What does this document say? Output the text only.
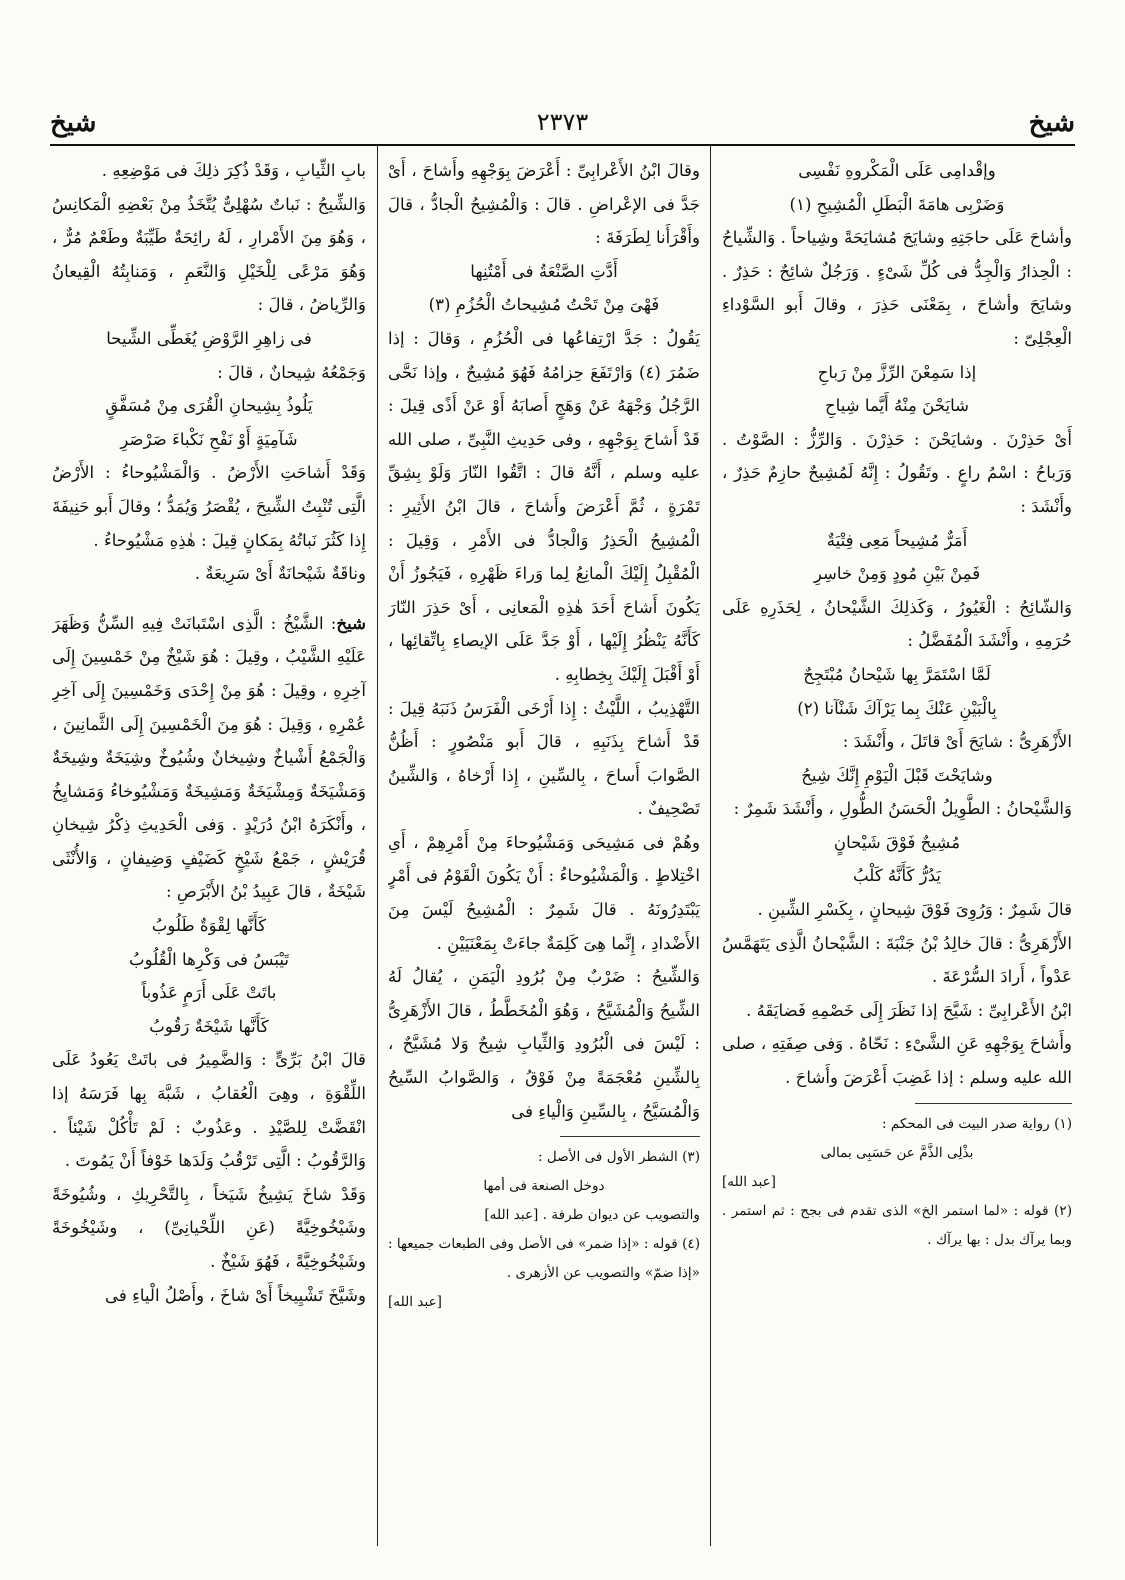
شيخ
٢٣٧٣
شيخ

وإقْدامِى عَلَى الْمَكْروهِ نَفْسِى

وَضَرْبِى هامَةَ الْبَطَلِ الْمُشِيحِ (١)

وأشاحَ عَلَى حاجَتِهِ وشايَحَ مُشايَحَةً وشِياحاً . وَالشِّياحُ : الْحِذارُ وَالْجِدُّ فى كُلِّ شَىْءٍ . وَرَجُلٌ شائِحٌ : حَذِرٌ . وشايَحَ وأشاحَ ، بِمَعْنَى حَذِرَ ، وقالَ أَبو السَّوْداءِ الْعِجْلِىّ :

إذا سَمِعْنَ الرِّزَّ مِنْ رَباحِ

شايَحْنَ مِنْهُ أَيَّما شِياحِ

أَىْ حَذِرْنَ . وشايَحْنَ : حَذِرْنَ . وَالرِّزُّ : الصَّوْتُ . وَرَباحُ : اسْمُ راعٍ . وتَقُولُ : إِنَّهُ لَمُشِيحٌ حازِمٌ حَذِرٌ ، وأَنْشَدَ :

أَمَرٌّ مُشِيحاً مَعِى فِتْيَةٌ

فَمِنْ بَيْنِ مُودٍ وَمِنْ خاسِرِ

وَالشّائِحُ : الْغَيُورُ ، وَكَذلِكَ الشَّيْحانُ ، لِحَذَرِهِ عَلَى حُرَمِهِ ، وأَنْشَدَ الْمُفَضَّلُ :

لَمَّا اسْتَمَرَّ بِها شَيْحانُ مُبْتَجِحٌ

بِالْبَيْنِ عَنْكَ بِما يَرْآكَ شَنْآنا (٢)

الأَزْهَرِىُّ : شايَحَ أَىْ قاتَلَ ، وأَنْشَدَ :

وشايَحْتَ قَبْلَ الْيَوْمِ إِنَّكَ شِيحُ

وَالشَّيْحانُ : الطَّوِيلُ الْحَسَنُ الطُّولِ ، وأَنْشَدَ شَمِرٌ :

مُشِيحٌ فَوْقَ شَيْحانٍ

يَدُرُّ كَأَنَّهُ كَلْبُ

قالَ شَمِرٌ : وَرُوِىَ فَوْقَ شِيحانٍ ، بِكَسْرِ الشِّينِ .

الأَزْهَرِىُّ : قالَ خالِدُ بْنُ جَنْبَةَ : الشَّيْحانُ الَّذِى يَتَهَمَّسُ عَدْواً ، أَرادَ السُّرْعَةَ .

ابْنُ الأَعْرابِىِّ : شَيَّحَ إذا نَظَرَ إِلَى خَصْمِهِ فَضايَقَهُ .

وأَشاحَ بِوَجْهِهِ عَنِ الشَّىْءِ : نَحّاهُ . وَفى صِفَتِهِ ، صلى الله عليه وسلم : إذا غَضِبَ أَعْرَضَ وأَشاحَ .

(١) رواية صدر البيت فى المحكم :

بذْلِى الذَّمَّ عن حَسَبِى بمالى

[عبد الله]

(٢) قوله : «لما استمر الخ» الذى تقدم فى بجح : ثم استمر . وبما يرآك بدل : بها يرآك .

وقالَ ابْنُ الأَعْرابِىِّ : أَعْرَضَ بِوَجْهِهِ وأَشاحَ ، أَىْ جَدَّ فى الإعْراضِ . قالَ : وَالْمُشِيحُ الْجادُّ ، قالَ وأَقْرَأَنا لِطَرَفَةَ :

أَدَّتِ الصَّنْعَةُ فى أَمْتُنِها

فَهْىَ مِنْ تَحْتُ مُشِيحاتُ الْحُزُمِ (٣)

يَقُولُ : جَدَّ ارْتِفاعُها فى الْحُزُمِ ، وَقالَ : إذا ضَمُرَ (٤) وَارْتَفَعَ حِزامُهُ فَهُوَ مُشِيحٌ ، وإذا نَحَّى الرَّجُلُ وَجْهَهُ عَنْ وَهَجٍ أَصابَهُ أَوْ عَنْ أَذًى قِيلَ : قَدْ أَشاحَ بِوَجْهِهِ ، وفى حَدِيثِ النَّبِىِّ ، صلى الله عليه وسلم ، أَنَّهُ قالَ : اتَّقُوا النّارَ وَلَوْ بِشِقِّ تَمْرَةٍ ، ثُمَّ أَعْرَضَ وأَشاحَ ، قالَ ابْنُ الأَثِيرِ : الْمُشِيحُ الْحَذِرُ وَالْجادُّ فى الأَمْرِ ، وَقِيلَ : الْمُقْبِلُ إِلَيْكَ الْمانِعُ لِما وَراءَ ظَهْرِهِ ، فَيَجُوزُ أَنْ يَكُونَ أَشاحَ أَحَدَ هٰذِهِ الْمَعانِى ، أَىْ حَذِرَ النّارَ كَأَنَّهُ يَنْظُرُ إِلَيْها ، أَوْ جَدَّ عَلَى الإيصاءِ بِاتِّقائِها ، أَوْ أَقْبَلَ إِلَيْكَ بِخِطابِهِ .

التَّهْذِيبُ ، اللَّيْثُ : إِذا أَرْخَى الْفَرَسُ ذَنَبَهُ قِيلَ : قَدْ أَشاحَ بِذَنَبِهِ ، قالَ أَبو مَنْصُورٍ : أَظُنُّ الصَّوابَ أَساحَ ، بِالسِّينِ ، إِذا أَرْخاهُ ، وَالشِّينُ تَصْحِيفٌ .

وهُمْ فى مَشِيحَى وَمَشْيُوحاءَ مِنْ أَمْرِهِمْ ، أَىِ اخْتِلاطٍ . وَالْمَشْيُوحاءُ : أَنْ يَكُونَ الْقَوْمُ فى أَمْرٍ يَبْتَدِرُونَهُ . قالَ شَمِرٌ : الْمُشِيحُ لَيْسَ مِنَ الأَضْدادِ ، إِنَّما هِىَ كَلِمَةٌ جاءَتْ بِمَعْنَيَيْنِ .

وَالشِّيحُ : ضَرْبٌ مِنْ بُرُودِ الْيَمَنِ ، يُقالُ لَهُ الشِّيحُ وَالْمُشَيَّحُ ، وَهُوَ الْمُخَطَّطُ ، قالَ الأَزْهَرِىُّ : لَيْسَ فى الْبُرُودِ وَالثِّيابِ شِيحٌ وَلا مُشَيَّحٌ ، بِالشِّينِ مُعْجَمَةً مِنْ فَوْقُ ، وَالصَّوابُ السِّيحُ وَالْمُسَيَّحُ ، بِالسِّينِ وَالْياءِ فى

(٣) الشطر الأول فى الأصل :

دوخل الصنعة فى أمها

والتصويب عن ديوان طرفة . [عبد الله]

(٤) قوله : «إذا ضمر» فى الأصل وفى الطبعات جميعها : «إذا ضمّ» والتصويب عن الأزهرى .

[عبد الله]

بابِ الثِّيابِ ، وَقَدْ ذُكِرَ ذلِكَ فى مَوْضِعِهِ .

وَالشِّيحُ : نَباتٌ سُهْلِىٌّ يُتَّخَذُ مِنْ بَعْضِهِ الْمَكانِسُ ، وَهُوَ مِنَ الأَمْرارِ ، لَهُ رائِحَةٌ طَيِّبَةٌ وطَعْمٌ مُرٌّ ، وَهُوَ مَرْعًى لِلْخَيْلِ وَالنَّعَمِ ، وَمَنابِتُهُ الْقِيعانُ وَالرِّياضُ ، قالَ :

فى زاهِرِ الرَّوْضِ يُغَطِّى الشِّيحا

وَجَمْعُهُ شِيحانٌ ، قالَ :

يَلُوذُ بِشِيحانِ الْقُرَى مِنْ مُسَفَّقٍ

شَآمِيَةٍ أَوْ نَفْحِ نَكْباءَ صَرْصَرِ

وَقَدْ أَشاحَتِ الأَرْضُ . وَالْمَشْيُوحاءُ : الأَرْضُ الَّتِى تُنْبِتُ الشِّيحَ ، يُقْصَرُ وَيُمَدُّ ؛ وقالَ أَبو حَنِيفَةَ إِذا كَثُرَ نَباتُهُ بِمَكانٍ قِيلَ : هٰذِهِ مَشْيُوحاءُ .

وناقَةٌ شَيْحانَةٌ أَىْ سَرِيعَةٌ .

شيخ: الشَّيْخُ : الَّذِى اسْتَبانَتْ فِيهِ السِّنُّ وَظَهَرَ عَلَيْهِ الشَّيْبُ ، وقِيلَ : هُوَ شَيْخٌ مِنْ خَمْسِينَ إِلَى آخِرِهِ ، وقِيلَ : هُوَ مِنْ إِحْدَى وَخَمْسِينَ إِلَى آخِرِ عُمْرِهِ ، وَقِيلَ : هُوَ مِنَ الْخَمْسِينَ إِلَى الثَّمانِينَ ، وَالْجَمْعُ أَشْياخٌ وشِيخانٌ وشُيُوخٌ وشِيَخَةٌ وشِيخَةٌ وَمَشْيَخَةٌ وَمِشْيَخَةٌ وَمَشِيخَةٌ وَمَشْيُوخاءُ وَمَشايِخُ ، وأَنْكَرَهُ ابْنُ دُرَيْدٍ . وَفى الْحَدِيثِ ذِكْرُ شِيخانِ قُرَيْشٍ ، جَمْعُ شَيْخٍ كَضَيْفٍ وَضِيفانٍ ، وَالأُنْثَى شَيْخَةٌ ، قالَ عَبِيدُ بْنُ الأَبْرَصِ :

كَأَنَّها لِقْوَةٌ طَلُوبُ

تَيْبَسُ فى وَكْرِها الْقُلُوبُ

باتَتْ عَلَى أَرَمٍ عَذُوباً

كَأَنَّها شَيْخَةٌ رَقُوبُ

قالَ ابْنُ بَرِّىٍّ : وَالضَّمِيرُ فى باتَتْ يَعُودُ عَلَى اللِّقْوَةِ ، وهِىَ الْعُقابُ ، شَبَّهَ بِها فَرَسَهُ إذا انْقَضَّتْ لِلصَّيْدِ . وعَذُوبٌ : لَمْ تَأْكُلْ شَيْئاً . وَالرَّقُوبُ : الَّتِى تَرْقُبُ وَلَدَها خَوْفاً أَنْ يَمُوتَ .

وَقَدْ شاخَ يَشِيخُ شَيَخاً ، بِالتَّحْرِيكِ ، وشُيُوخَةً وشَيْخُوخِيَّةً (عَنِ اللِّحْيانِىِّ) ، وشَيْخُوخَةً وشَيْخُوخِيَّةً ، فَهُوَ شَيْخٌ .

وشَيَّخَ تَشْيِيخاً أَىْ شاخَ ، وأَصْلُ الْياءِ فى
